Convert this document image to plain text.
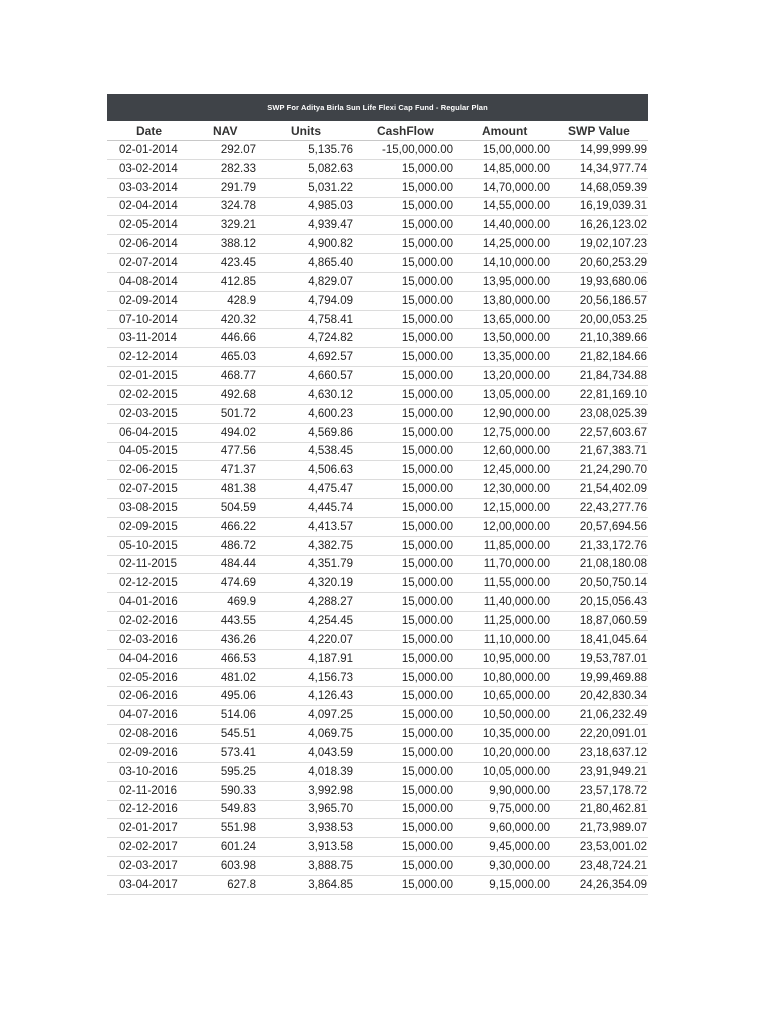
SWP For Aditya Birla Sun Life Flexi Cap Fund - Regular Plan
Date	NAV	Units	CashFlow	Amount	SWP Value
02-01-2014	292.07	5,135.76	-15,00,000.00	15,00,000.00	14,99,999.99
03-02-2014	282.33	5,082.63	15,000.00	14,85,000.00	14,34,977.74
03-03-2014	291.79	5,031.22	15,000.00	14,70,000.00	14,68,059.39
02-04-2014	324.78	4,985.03	15,000.00	14,55,000.00	16,19,039.31
02-05-2014	329.21	4,939.47	15,000.00	14,40,000.00	16,26,123.02
02-06-2014	388.12	4,900.82	15,000.00	14,25,000.00	19,02,107.23
02-07-2014	423.45	4,865.40	15,000.00	14,10,000.00	20,60,253.29
04-08-2014	412.85	4,829.07	15,000.00	13,95,000.00	19,93,680.06
02-09-2014	428.9	4,794.09	15,000.00	13,80,000.00	20,56,186.57
07-10-2014	420.32	4,758.41	15,000.00	13,65,000.00	20,00,053.25
03-11-2014	446.66	4,724.82	15,000.00	13,50,000.00	21,10,389.66
02-12-2014	465.03	4,692.57	15,000.00	13,35,000.00	21,82,184.66
02-01-2015	468.77	4,660.57	15,000.00	13,20,000.00	21,84,734.88
02-02-2015	492.68	4,630.12	15,000.00	13,05,000.00	22,81,169.10
02-03-2015	501.72	4,600.23	15,000.00	12,90,000.00	23,08,025.39
06-04-2015	494.02	4,569.86	15,000.00	12,75,000.00	22,57,603.67
04-05-2015	477.56	4,538.45	15,000.00	12,60,000.00	21,67,383.71
02-06-2015	471.37	4,506.63	15,000.00	12,45,000.00	21,24,290.70
02-07-2015	481.38	4,475.47	15,000.00	12,30,000.00	21,54,402.09
03-08-2015	504.59	4,445.74	15,000.00	12,15,000.00	22,43,277.76
02-09-2015	466.22	4,413.57	15,000.00	12,00,000.00	20,57,694.56
05-10-2015	486.72	4,382.75	15,000.00	11,85,000.00	21,33,172.76
02-11-2015	484.44	4,351.79	15,000.00	11,70,000.00	21,08,180.08
02-12-2015	474.69	4,320.19	15,000.00	11,55,000.00	20,50,750.14
04-01-2016	469.9	4,288.27	15,000.00	11,40,000.00	20,15,056.43
02-02-2016	443.55	4,254.45	15,000.00	11,25,000.00	18,87,060.59
02-03-2016	436.26	4,220.07	15,000.00	11,10,000.00	18,41,045.64
04-04-2016	466.53	4,187.91	15,000.00	10,95,000.00	19,53,787.01
02-05-2016	481.02	4,156.73	15,000.00	10,80,000.00	19,99,469.88
02-06-2016	495.06	4,126.43	15,000.00	10,65,000.00	20,42,830.34
04-07-2016	514.06	4,097.25	15,000.00	10,50,000.00	21,06,232.49
02-08-2016	545.51	4,069.75	15,000.00	10,35,000.00	22,20,091.01
02-09-2016	573.41	4,043.59	15,000.00	10,20,000.00	23,18,637.12
03-10-2016	595.25	4,018.39	15,000.00	10,05,000.00	23,91,949.21
02-11-2016	590.33	3,992.98	15,000.00	9,90,000.00	23,57,178.72
02-12-2016	549.83	3,965.70	15,000.00	9,75,000.00	21,80,462.81
02-01-2017	551.98	3,938.53	15,000.00	9,60,000.00	21,73,989.07
02-02-2017	601.24	3,913.58	15,000.00	9,45,000.00	23,53,001.02
02-03-2017	603.98	3,888.75	15,000.00	9,30,000.00	23,48,724.21
03-04-2017	627.8	3,864.85	15,000.00	9,15,000.00	24,26,354.09
